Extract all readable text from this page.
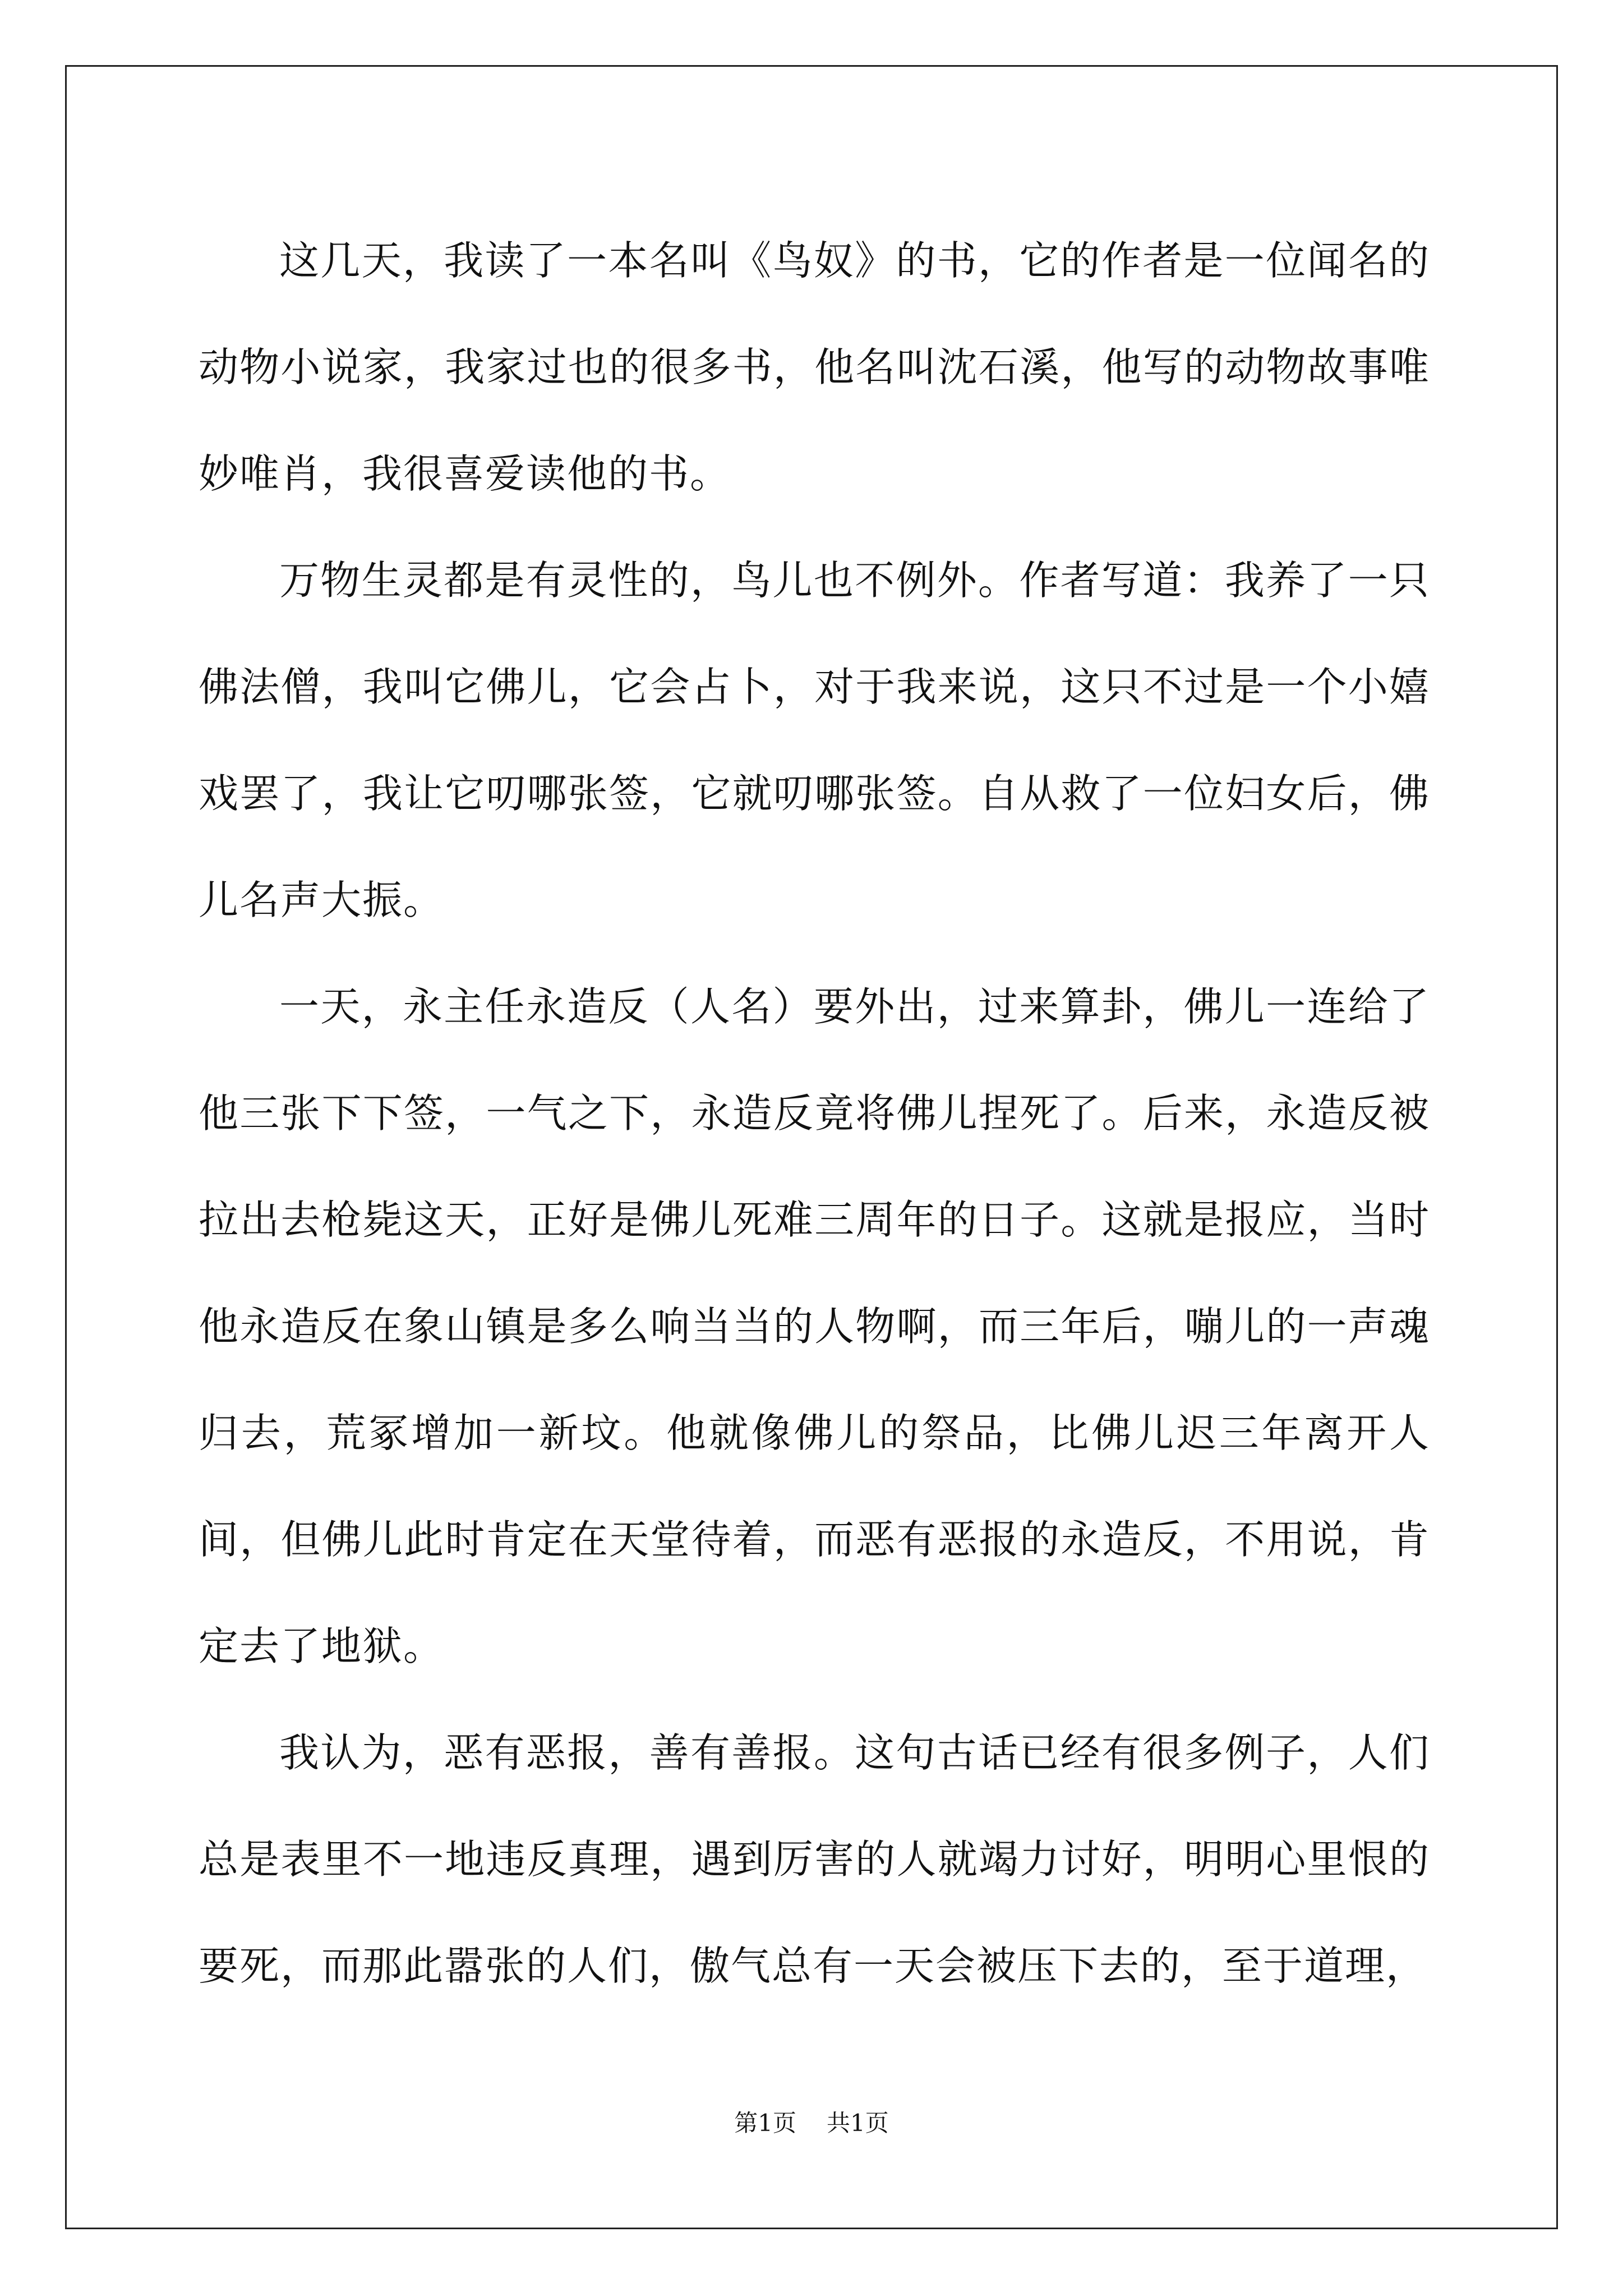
这几天，我读了一本名叫《鸟奴》的书，它的作者是一位闻名的动物小说家，我家过也的很多书，他名叫沈石溪，他写的动物故事唯妙唯肖，我很喜爱读他的书。

万物生灵都是有灵性的，鸟儿也不例外。作者写道：我养了一只佛法僧，我叫它佛儿，它会占卜，对于我来说，这只不过是一个小嬉戏罢了，我让它叨哪张签，它就叨哪张签。自从救了一位妇女后，佛儿名声大振。

一天，永主任永造反（人名）要外出，过来算卦，佛儿一连给了他三张下下签，一气之下，永造反竟将佛儿捏死了。后来，永造反被拉出去枪毙这天，正好是佛儿死难三周年的日子。这就是报应，当时他永造反在象山镇是多么响当当的人物啊，而三年后，嘣儿的一声魂归去，荒冢增加一新坟。他就像佛儿的祭品，比佛儿迟三年离开人间，但佛儿此时肯定在天堂待着，而恶有恶报的永造反，不用说，肯定去了地狱。

我认为，恶有恶报，善有善报。这句古话已经有很多例子，人们总是表里不一地违反真理，遇到厉害的人就竭力讨好，明明心里恨的要死，而那此嚣张的人们，傲气总有一天会被压下去的，至于道理，

第1页 共1页
